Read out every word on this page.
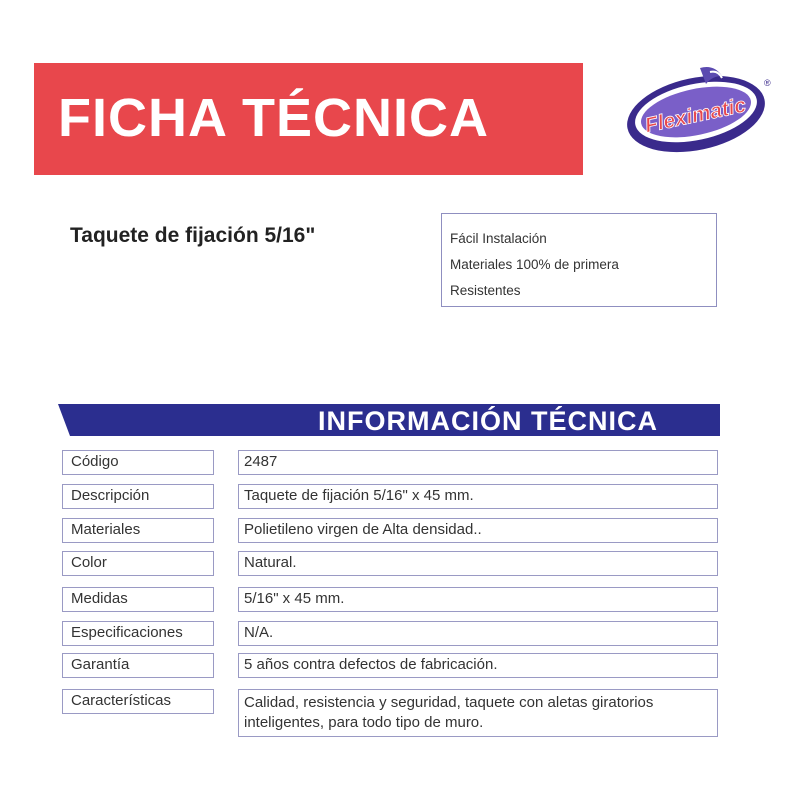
FICHA TÉCNICA	Fleximatic
®
Taquete de fijación 5/16"	Fácil Instalación
Materiales 100% de primera
Resistentes
INFORMACIÓN TÉCNICA
Código	2487
Descripción	Taquete de fijación 5/16" x 45 mm.
Materiales	Polietileno virgen de Alta densidad..
Color	Natural.
Medidas	5/16" x 45 mm.
Especificaciones	N/A.
Garantía	5 años contra defectos de fabricación.
Características	Calidad, resistencia y seguridad, taquete con aletas giratorios inteligentes, para todo tipo de muro.
